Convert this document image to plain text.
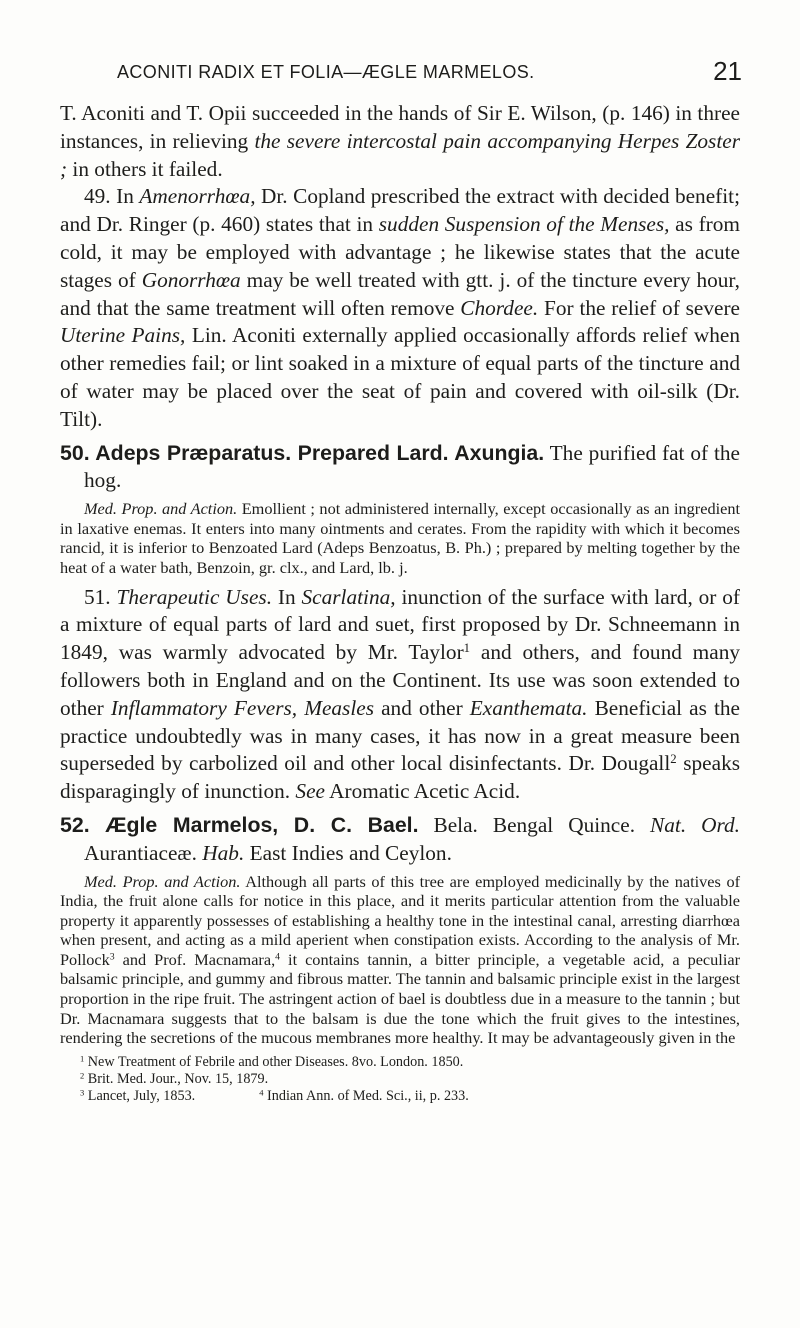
ACONITI RADIX ET FOLIA—ÆGLE MARMELOS.	21

T. Aconiti and T. Opii succeeded in the hands of Sir E. Wilson, (p. 146) in three instances, in relieving the severe intercostal pain accompanying Herpes Zoster ; in others it failed.

49. In Amenorrhœa, Dr. Copland prescribed the extract with decided benefit; and Dr. Ringer (p. 460) states that in sudden Suspension of the Menses, as from cold, it may be employed with advantage ; he likewise states that the acute stages of Gonorrhœa may be well treated with gtt. j. of the tincture every hour, and that the same treatment will often remove Chordee. For the relief of severe Uterine Pains, Lin. Aconiti externally applied occasionally affords relief when other remedies fail; or lint soaked in a mixture of equal parts of the tincture and of water may be placed over the seat of pain and covered with oil-silk (Dr. Tilt).

50. Adeps Præparatus. Prepared Lard. Axungia. The purified fat of the hog.

Med. Prop. and Action. Emollient ; not administered internally, except occasionally as an ingredient in laxative enemas. It enters into many ointments and cerates. From the rapidity with which it becomes rancid, it is inferior to Benzoated Lard (Adeps Benzoatus, B. Ph.) ; prepared by melting together by the heat of a water bath, Benzoin, gr. clx., and Lard, lb. j.

51. Therapeutic Uses. In Scarlatina, inunction of the surface with lard, or of a mixture of equal parts of lard and suet, first proposed by Dr. Schneemann in 1849, was warmly advocated by Mr. Taylor$^1$ and others, and found many followers both in England and on the Continent. Its use was soon extended to other Inflammatory Fevers, Measles and other Exanthemata. Beneficial as the practice undoubtedly was in many cases, it has now in a great measure been superseded by carbolized oil and other local disinfectants. Dr. Dougall$^2$ speaks disparagingly of inunction. See Aromatic Acetic Acid.

52. Ægle Marmelos, D. C. Bael. Bela. Bengal Quince. Nat. Ord. Aurantiaceæ. Hab. East Indies and Ceylon.

Med. Prop. and Action. Although all parts of this tree are employed medicinally by the natives of India, the fruit alone calls for notice in this place, and it merits particular attention from the valuable property it apparently possesses of establishing a healthy tone in the intestinal canal, arresting diarrhœa when present, and acting as a mild aperient when constipation exists. According to the analysis of Mr. Pollock$^3$ and Prof. Macnamara,$^4$ it contains tannin, a bitter principle, a vegetable acid, a peculiar balsamic principle, and gummy and fibrous matter. The tannin and balsamic principle exist in the largest proportion in the ripe fruit. The astringent action of bael is doubtless due in a measure to the tannin ; but Dr. Macnamara suggests that to the balsam is due the tone which the fruit gives to the intestines, rendering the secretions of the mucous membranes more healthy. It may be advantageously given in the

$^1$ New Treatment of Febrile and other Diseases. 8vo. London. 1850.
$^2$ Brit. Med. Jour., Nov. 15, 1879.
$^3$ Lancet, July, 1853.	$^4$ Indian Ann. of Med. Sci., ii, p. 233.
